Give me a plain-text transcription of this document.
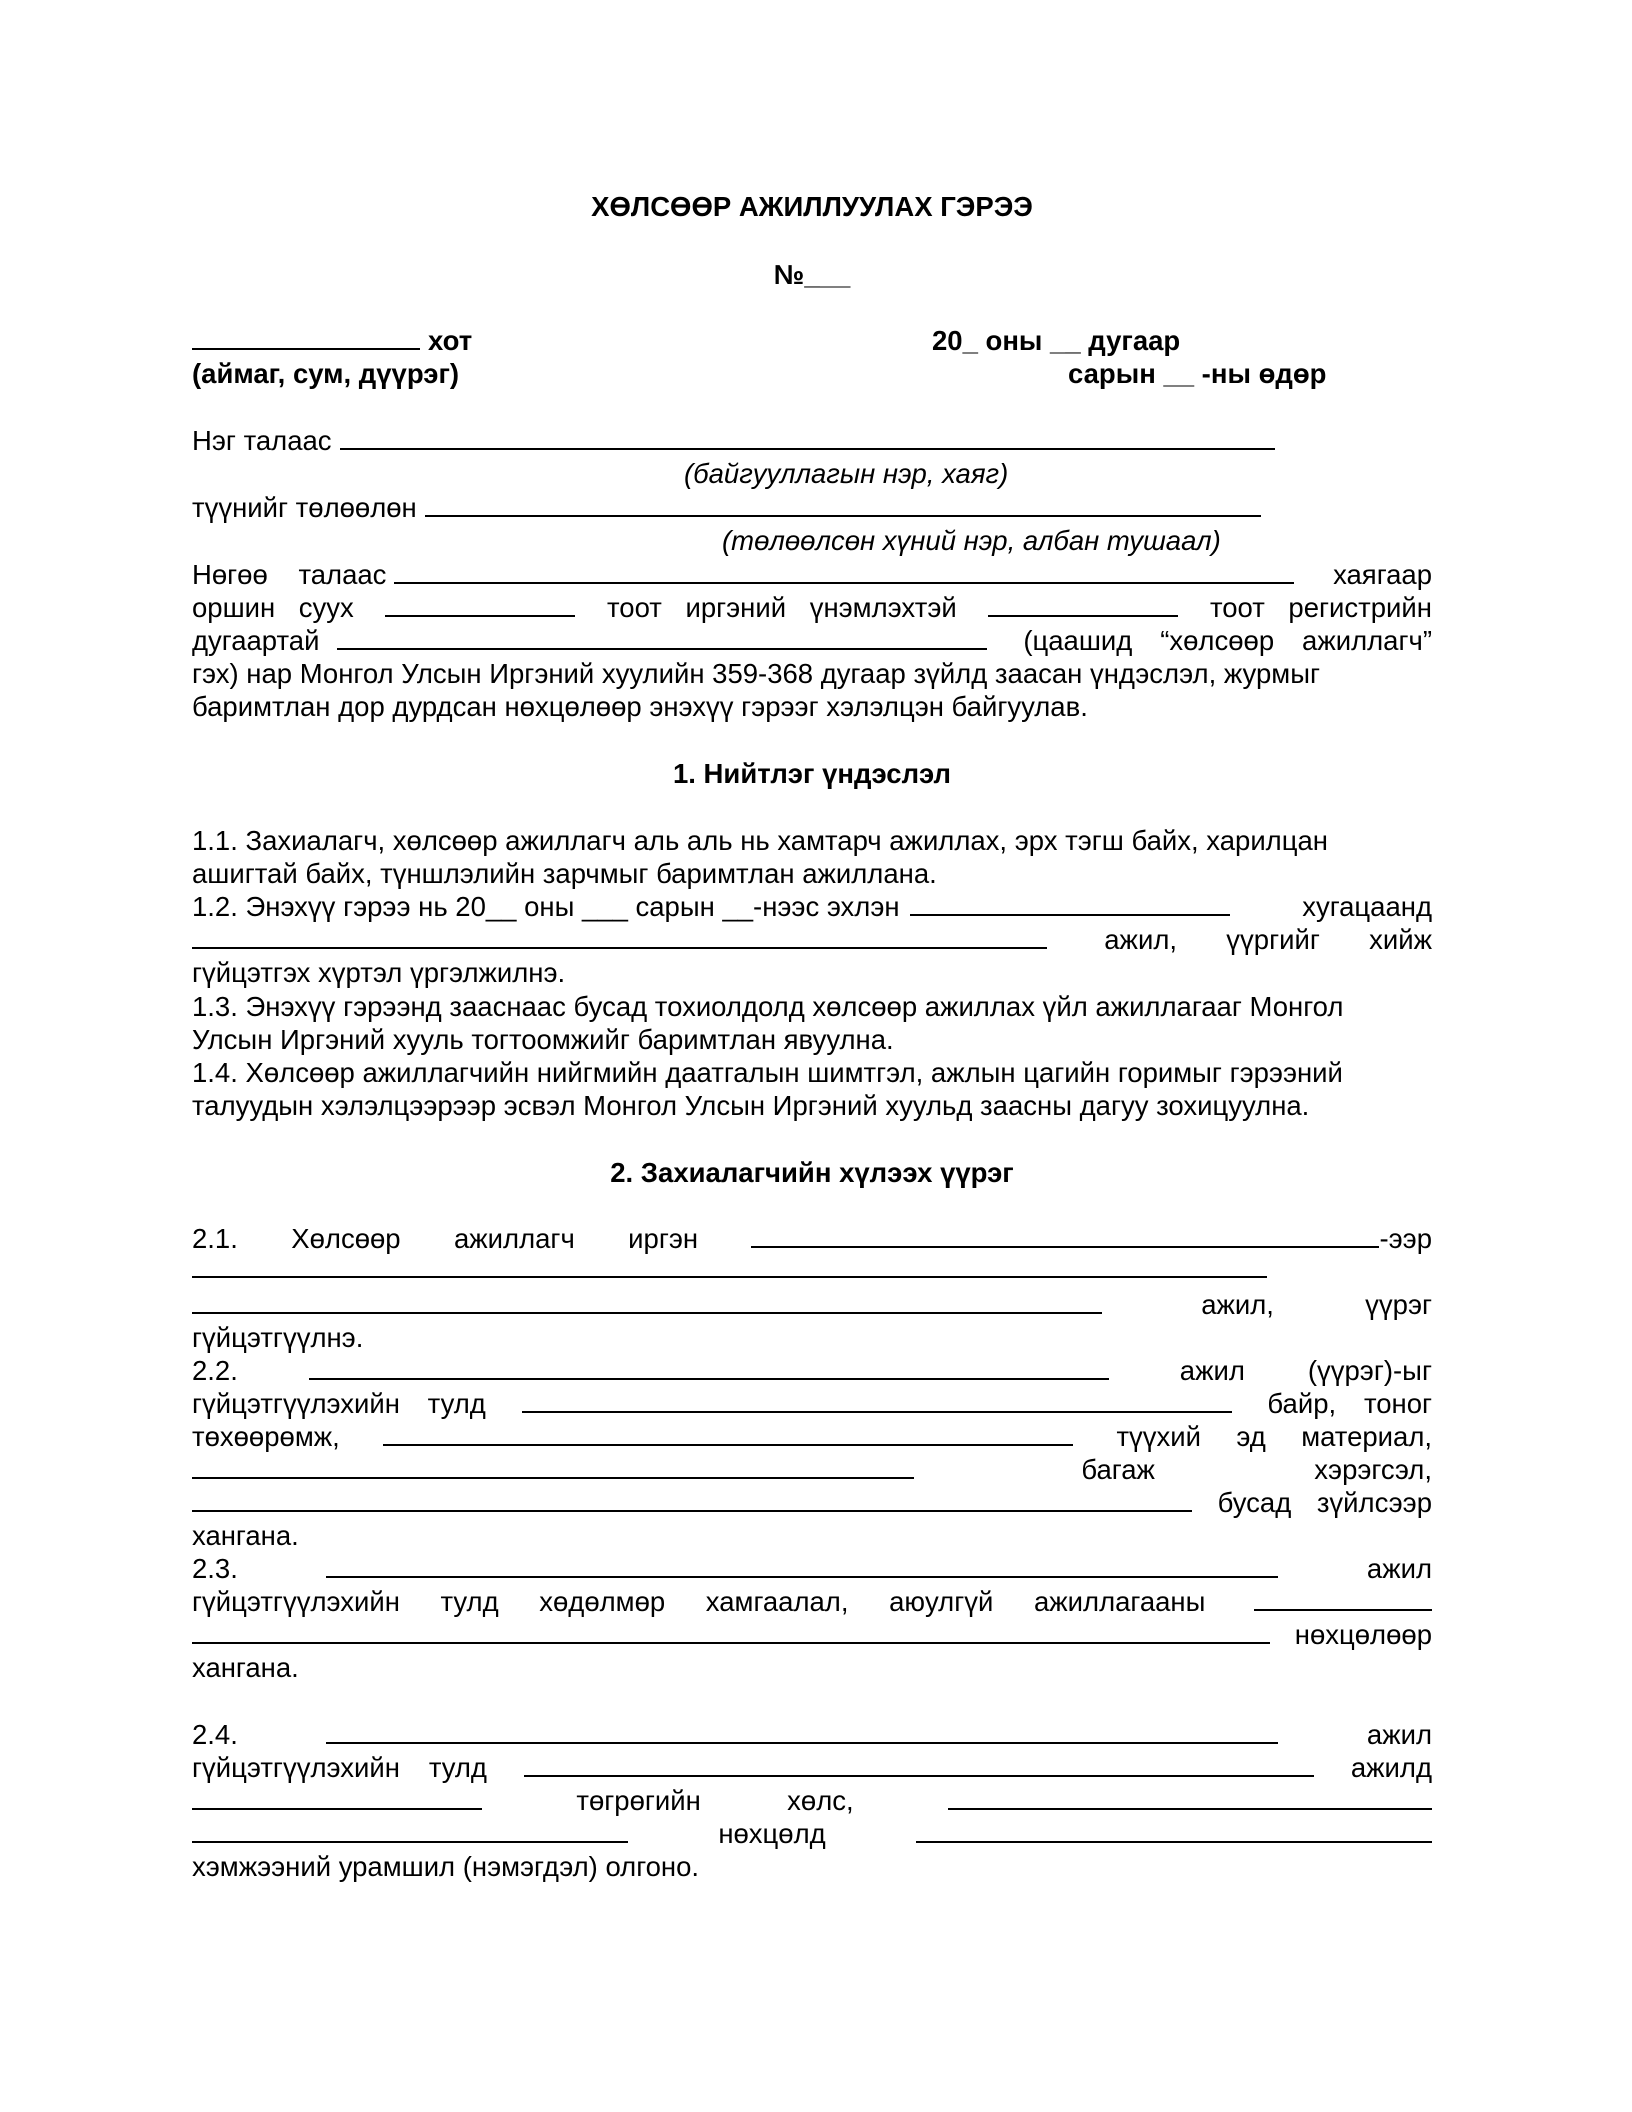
ХӨЛСӨӨР АЖИЛЛУУЛАХ ГЭРЭЭ
№___
хот	20_ оны __ дугаар
(аймаг, сум, дүүрэг)	сарын __ -ны өдөр
Нэг талаас
(байгууллагын нэр, хаяг)
түүнийг төлөөлөн
(төлөөлсөн хүний нэр, албан тушаал)
Нөгөө талаас	хаягаар
оршин суух	тоот иргэний үнэмлэхтэй	тоот регистрийн
дугаартай	(цаашид “хөлсөөр ажиллагч”
гэх) нар Монгол Улсын Иргэний хуулийн 359-368 дугаар зүйлд заасан үндэслэл, журмыг
баримтлан дор дурдсан нөхцөлөөр энэхүү гэрээг хэлэлцэн байгуулав.
1. Нийтлэг үндэслэл
1.1. Захиалагч, хөлсөөр ажиллагч аль аль нь хамтарч ажиллах, эрх тэгш байх, харилцан
ашигтай байх, түншлэлийн зарчмыг баримтлан ажиллана.
1.2. Энэхүү гэрээ нь 20__ оны ___ сарын __-нээс эхлэн	хугацаанд
ажил, үүргийг хийж
гүйцэтгэх хүртэл үргэлжилнэ.
1.3. Энэхүү гэрээнд зааснаас бусад тохиолдолд хөлсөөр ажиллах үйл ажиллагааг Монгол
Улсын Иргэний хууль тогтоомжийг баримтлан явуулна.
1.4. Хөлсөөр ажиллагчийн нийгмийн даатгалын шимтгэл, ажлын цагийн горимыг гэрээний
талуудын хэлэлцээрээр эсвэл Монгол Улсын Иргэний хуульд заасны дагуу зохицуулна.
2. Захиалагчийн хүлээх үүрэг
2.1. Хөлсөөр ажиллагч иргэн	-ээр
ажил,	үүрэг
гүйцэтгүүлнэ.
2.2.	ажил (үүрэг)-ыг
гүйцэтгүүлэхийн тулд	байр, тоног
төхөөрөмж,	түүхий эд материал,
багаж	хэрэгсэл,
бусад зүйлсээр
хангана.
2.3.	ажил
гүйцэтгүүлэхийн тулд хөдөлмөр хамгаалал, аюулгүй ажиллагааны
нөхцөлөөр
хангана.
2.4.	ажил
гүйцэтгүүлэхийн тулд	ажилд
төгрөгийн	хөлс,
нөхцөлд
хэмжээний урамшил (нэмэгдэл) олгоно.
